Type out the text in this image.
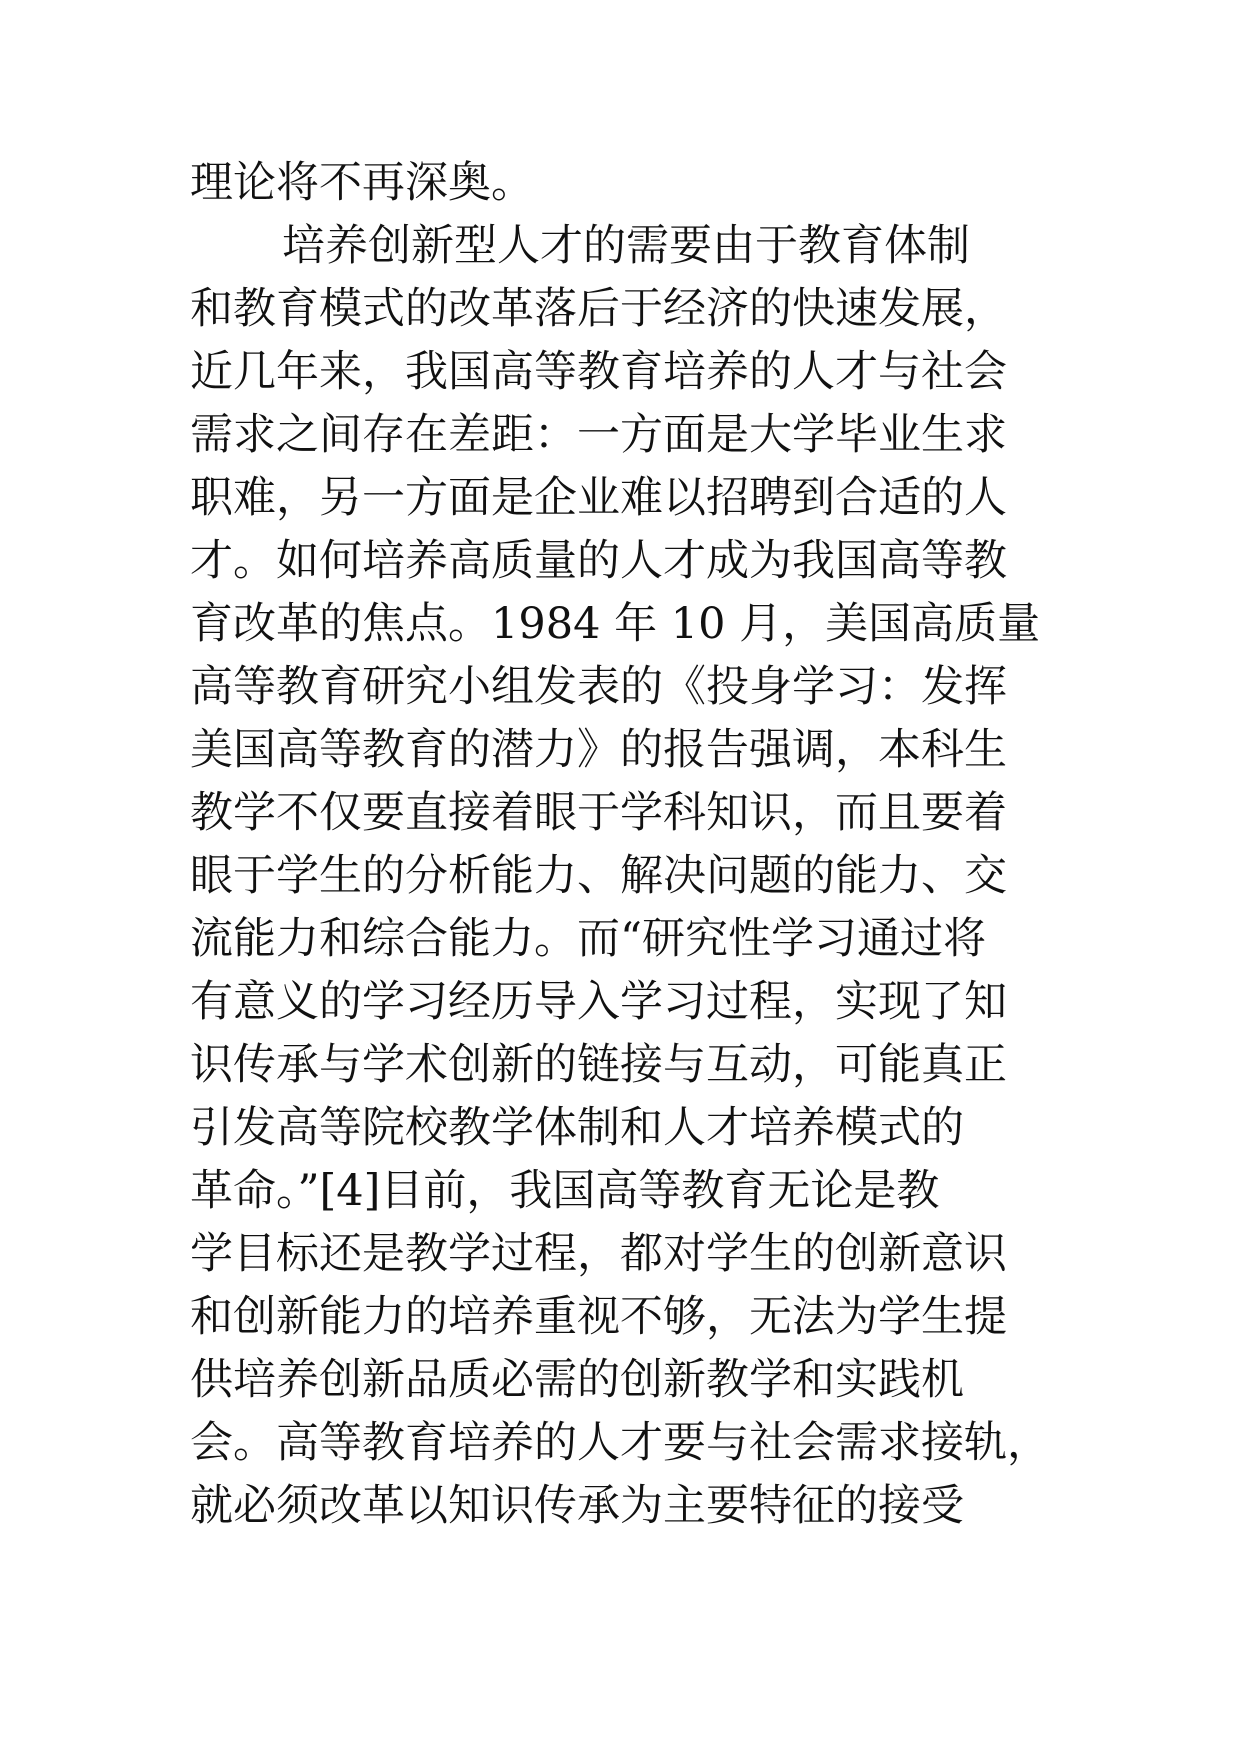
理论将不再深奥。
培养创新型人才的需要由于教育体制
和教育模式的改革落后于经济的快速发展，
近几年来，我国高等教育培养的人才与社会
需求之间存在差距：一方面是大学毕业生求
职难，另一方面是企业难以招聘到合适的人
才。如何培养高质量的人才成为我国高等教
育改革的焦点。1984 年 10 月，美国高质量
高等教育研究小组发表的《投身学习：发挥
美国高等教育的潜力》的报告强调，本科生
教学不仅要直接着眼于学科知识，而且要着
眼于学生的分析能力、解决问题的能力、交
流能力和综合能力。而“研究性学习通过将
有意义的学习经历导入学习过程，实现了知
识传承与学术创新的链接与互动，可能真正
引发高等院校教学体制和人才培养模式的
革命。”[4]目前，我国高等教育无论是教
学目标还是教学过程，都对学生的创新意识
和创新能力的培养重视不够，无法为学生提
供培养创新品质必需的创新教学和实践机
会。高等教育培养的人才要与社会需求接轨，
就必须改革以知识传承为主要特征的接受
